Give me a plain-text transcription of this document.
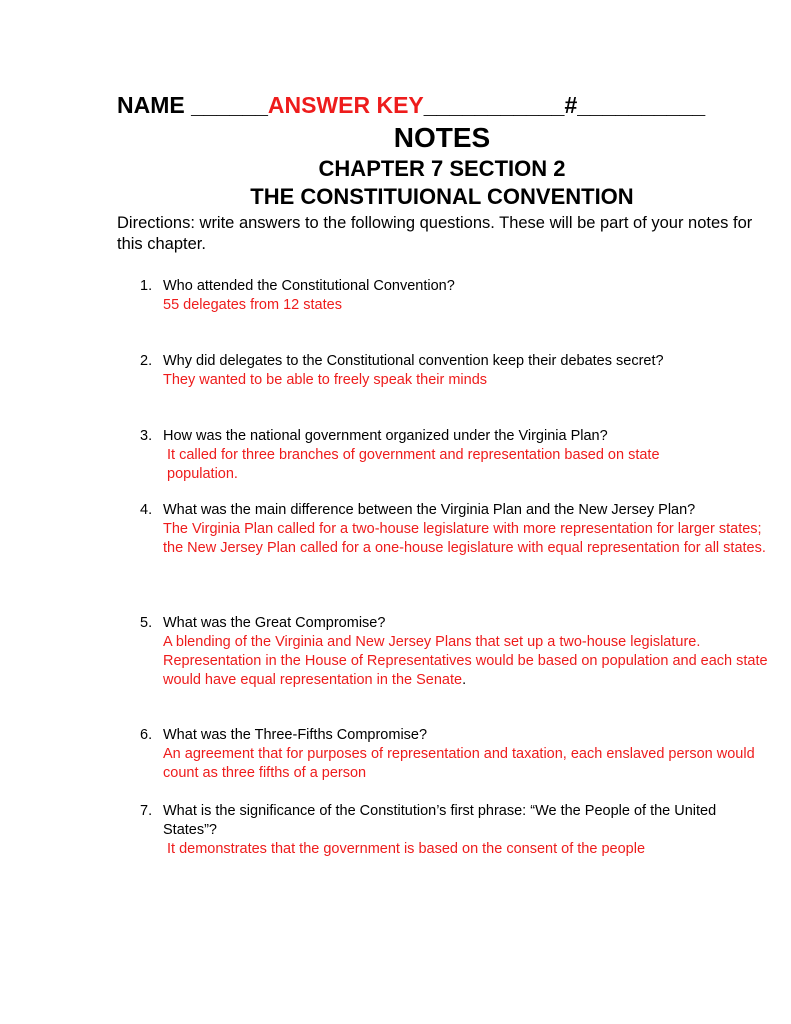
NAME ______ANSWER KEY___________#__________
NOTES
CHAPTER 7 SECTION 2
THE CONSTITUIONAL CONVENTION
Directions: write answers to the following questions. These will be part of your notes for this chapter.
1. Who attended the Constitutional Convention?
55 delegates from 12 states
2. Why did delegates to the Constitutional convention keep their debates secret?
They wanted to be able to freely speak their minds
3. How was the national government organized under the Virginia Plan?
It called for three branches of government and representation based on state population.
4. What was the main difference between the Virginia Plan and the New Jersey Plan?
The Virginia Plan called for a two-house legislature with more representation for larger states; the New Jersey Plan called for a one-house legislature with equal representation for all states.
5. What was the Great Compromise?
A blending of the Virginia and New Jersey Plans that set up a two-house legislature. Representation in the House of Representatives would be based on population and each state would have equal representation in the Senate.
6. What was the Three-Fifths Compromise?
An agreement that for purposes of representation and taxation, each enslaved person would count as three fifths of a person
7. What is the significance of the Constitution’s first phrase: “We the People of the United States”?
It demonstrates that the government is based on the consent of the people
